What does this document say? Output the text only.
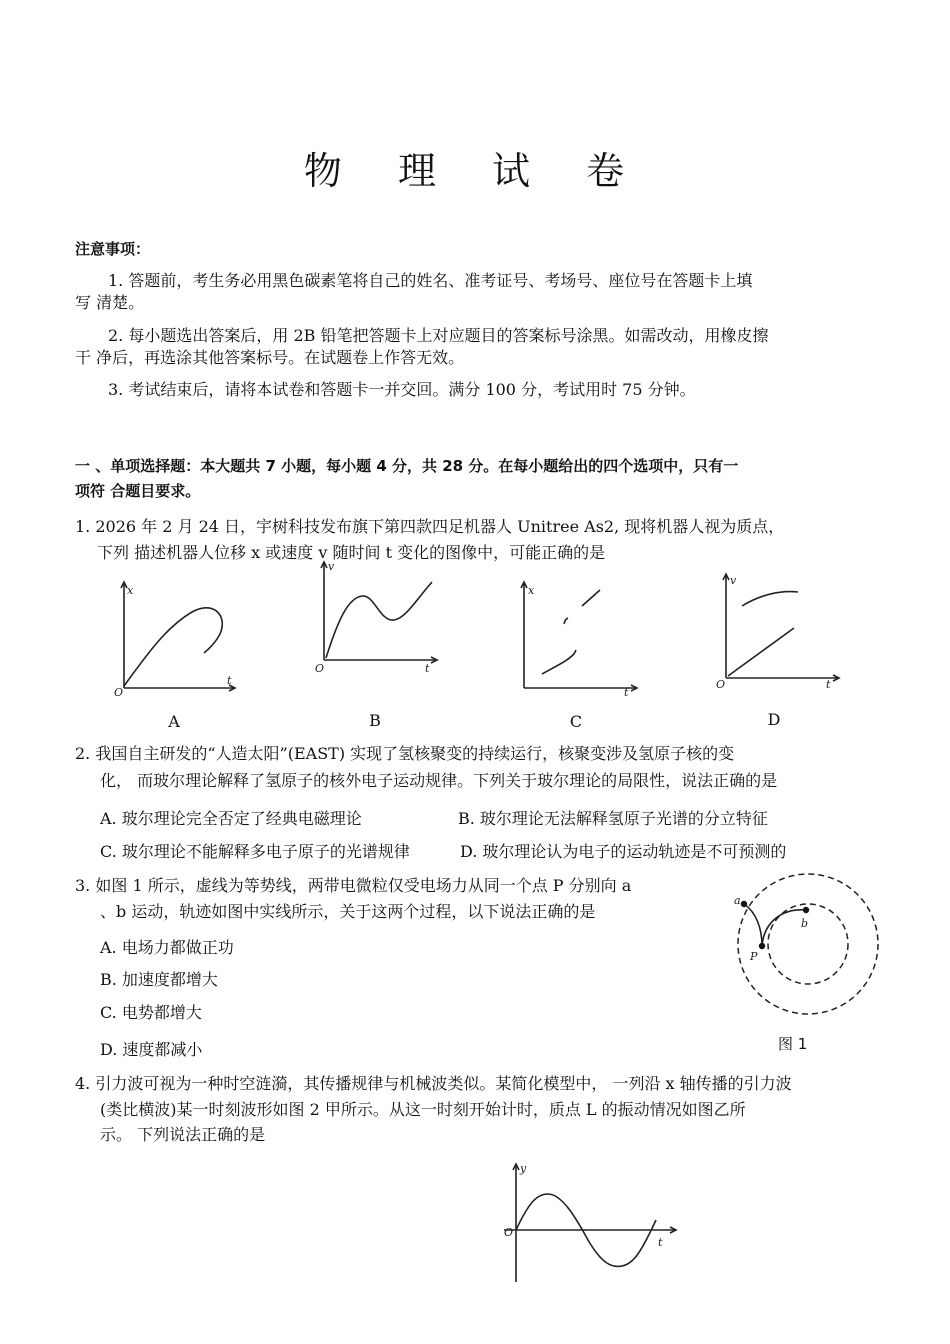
物 理 试 卷
注意事项：
1. 答题前，考生务必用黑色碳素笔将自己的姓名、准考证号、考场号、座位号在答题卡上填
写 清楚。
2. 每小题选出答案后，用 2B 铅笔把答题卡上对应题目的答案标号涂黑。如需改动，用橡皮擦
干 净后，再选涂其他答案标号。在试题卷上作答无效。
3. 考试结束后，请将本试卷和答题卡一并交回。满分 100 分，考试用时 75 分钟。
一 、单项选择题：本大题共 7 小题，每小题 4 分，共 28 分。在每小题给出的四个选项中，只有一
项符 合题目要求。
1. 2026 年 2 月 24 日，宇树科技发布旗下第四款四足机器人 Unitree As2, 现将机器人视为质点，
下列 描述机器人位移 x 或速度 v 随时间 t 变化的图像中，可能正确的是
x
t
O
A
v
t
O
B
x
t
C
v
t
O
D
2. 我国自主研发的“人造太阳”(EAST) 实现了氢核聚变的持续运行，核聚变涉及氢原子核的变
化， 而玻尔理论解释了氢原子的核外电子运动规律。下列关于玻尔理论的局限性，说法正确的是
A. 玻尔理论完全否定了经典电磁理论	B. 玻尔理论无法解释氢原子光谱的分立特征
C. 玻尔理论不能解释多电子原子的光谱规律	D. 玻尔理论认为电子的运动轨迹是不可预测的
3. 如图 1 所示，虚线为等势线，两带电微粒仅受电场力从同一个点 P 分别向 a
、b 运动，轨迹如图中实线所示，关于这两个过程，以下说法正确的是
A. 电场力都做正功
B. 加速度都增大
C. 电势都增大
D. 速度都减小
a
b
P
图 1
4. 引力波可视为一种时空涟漪，其传播规律与机械波类似。某简化模型中， 一列沿 x 轴传播的引力波
(类比横波)某一时刻波形如图 2 甲所示。从这一时刻开始计时，质点 L 的振动情况如图乙所
示。 下列说法正确的是
y
t
O
